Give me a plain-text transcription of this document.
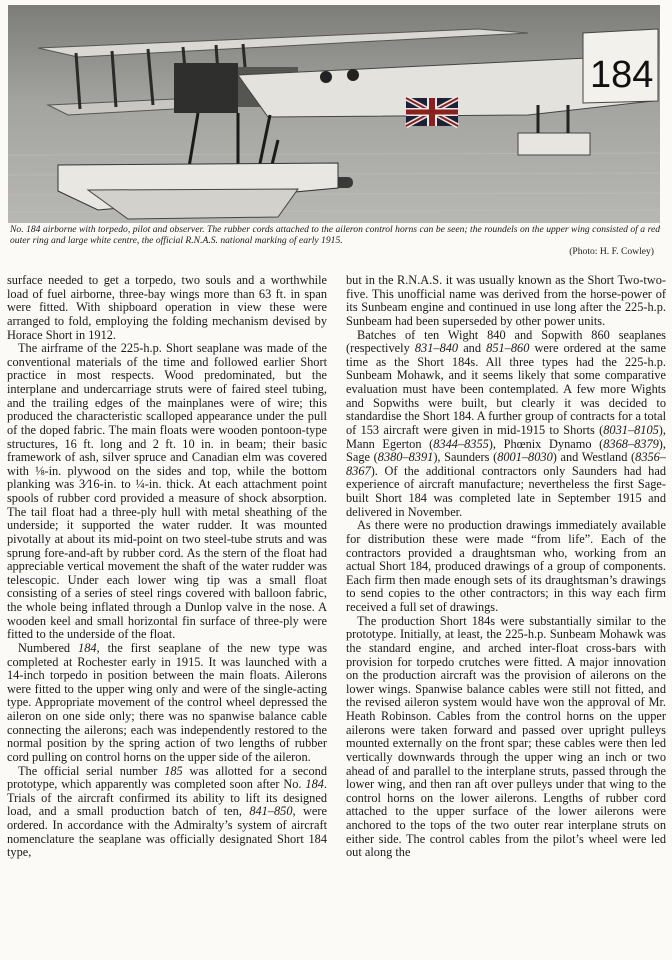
184
No. 184 airborne with torpedo, pilot and observer. The rubber cords attached to the aileron control horns can be seen; the roundels on the upper wing consisted of a red outer ring and large white centre, the official R.N.A.S. national marking of early 1915.
(Photo: H. F. Cowley)

surface needed to get a torpedo, two souls and a worthwhile load of fuel airborne, three-bay wings more than 63 ft. in span were fitted. With shipboard operation in view these were arranged to fold, employing the folding mechanism devised by Horace Short in 1912.

The airframe of the 225-h.p. Short seaplane was made of the conventional materials of the time and followed earlier Short practice in most respects. Wood predominated, but the interplane and undercarriage struts were of faired steel tubing, and the trailing edges of the mainplanes were of wire; this produced the characteristic scalloped appearance under the pull of the doped fabric. The main floats were wooden pontoon-type structures, 16 ft. long and 2 ft. 10 in. in beam; their basic framework of ash, silver spruce and Canadian elm was covered with ⅛-in. plywood on the sides and top, while the bottom planking was 3⁄16-in. to ¼-in. thick. At each attachment point spools of rubber cord provided a measure of shock absorption. The tail float had a three-ply hull with metal sheathing of the underside; it supported the water rudder. It was mounted pivotally at about its mid-point on two steel-tube struts and was sprung fore-and-aft by rubber cord. As the stern of the float had appreciable vertical movement the shaft of the water rudder was telescopic. Under each lower wing tip was a small float consisting of a series of steel rings covered with balloon fabric, the whole being inflated through a Dunlop valve in the nose. A wooden keel and small horizontal fin surface of three-ply were fitted to the underside of the float.

Numbered 184, the first seaplane of the new type was completed at Rochester early in 1915. It was launched with a 14-inch torpedo in position between the main floats. Ailerons were fitted to the upper wing only and were of the single-acting type. Appropriate movement of the control wheel depressed the aileron on one side only; there was no spanwise balance cable connecting the ailerons; each was independently restored to the normal position by the spring action of two lengths of rubber cord pulling on control horns on the upper side of the aileron.

The official serial number 185 was allotted for a second prototype, which apparently was completed soon after No. 184. Trials of the aircraft confirmed its ability to lift its designed load, and a small production batch of ten, 841–850, were ordered. In accordance with the Admiralty’s system of aircraft nomenclature the seaplane was officially designated Short 184 type,

but in the R.N.A.S. it was usually known as the Short Two-two-five. This unofficial name was derived from the horse-power of its Sunbeam engine and continued in use long after the 225-h.p. Sunbeam had been superseded by other power units.

Batches of ten Wight 840 and Sopwith 860 seaplanes (respectively 831–840 and 851–860 were ordered at the same time as the Short 184s. All three types had the 225-h.p. Sunbeam Mohawk, and it seems likely that some comparative evaluation must have been contemplated. A few more Wights and Sopwiths were built, but clearly it was decided to standardise the Short 184. A further group of contracts for a total of 153 aircraft were given in mid-1915 to Shorts (8031–8105), Mann Egerton (8344–8355), Phœnix Dynamo (8368–8379), Sage (8380–8391), Saunders (8001–8030) and Westland (8356–8367). Of the additional contractors only Saunders had had experience of aircraft manufacture; nevertheless the first Sage-built Short 184 was completed late in September 1915 and delivered in November.

As there were no production drawings immediately available for distribution these were made “from life”. Each of the contractors provided a draughtsman who, working from an actual Short 184, produced drawings of a group of components. Each firm then made enough sets of its draughtsman’s drawings to send copies to the other contractors; in this way each firm received a full set of drawings.

The production Short 184s were substantially similar to the prototype. Initially, at least, the 225-h.p. Sunbeam Mohawk was the standard engine, and arched inter-float cross-bars with provision for torpedo crutches were fitted. A major innovation on the production aircraft was the provision of ailerons on the lower wings. Spanwise balance cables were still not fitted, and the revised aileron system would have won the approval of Mr. Heath Robinson. Cables from the control horns on the upper ailerons were taken forward and passed over upright pulleys mounted externally on the front spar; these cables were then led vertically downwards through the upper wing an inch or two ahead of and parallel to the interplane struts, passed through the lower wing, and then ran aft over pulleys under that wing to the control horns on the lower ailerons. Lengths of rubber cord attached to the upper surface of the lower ailerons were anchored to the tops of the two outer rear interplane struts on either side. The control cables from the pilot’s wheel were led out along the
